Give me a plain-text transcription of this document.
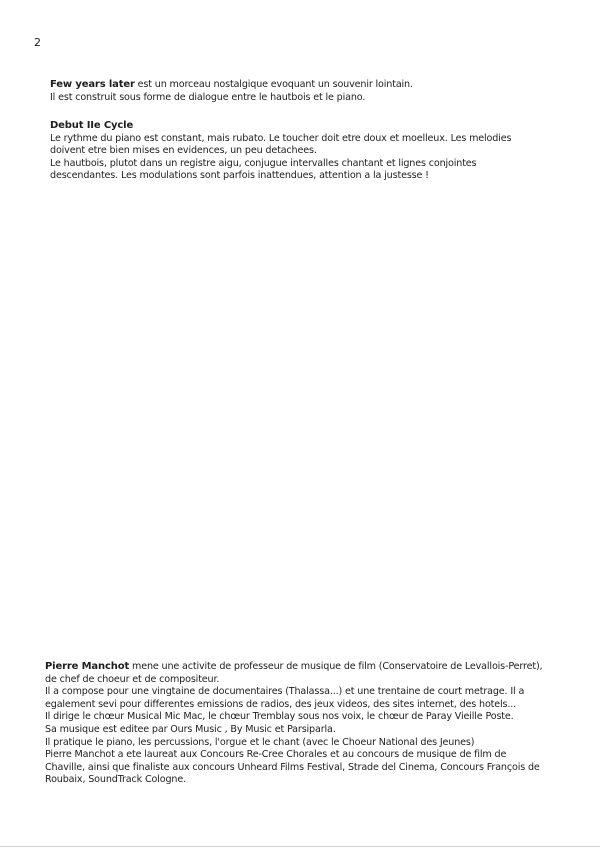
2

Few years later est un morceau nostalgique evoquant un souvenir lointain.

Il est construit sous forme de dialogue entre le hautbois et le piano.

Debut IIe Cycle

Le rythme du piano est constant, mais rubato. Le toucher doit etre doux et moelleux. Les melodies

doivent etre bien mises en evidences, un peu detachees.

Le hautbois, plutot dans un registre aigu, conjugue intervalles chantant et lignes conjointes

descendantes. Les modulations sont parfois inattendues, attention a la justesse !

Pierre Manchot mene une activite de professeur de musique de film (Conservatoire de Levallois-Perret),

de chef de choeur et de compositeur.

Il a compose pour une vingtaine de documentaires (Thalassa...) et une trentaine de court metrage. Il a

egalement sevi pour differentes emissions de radios, des jeux videos, des sites internet, des hotels...

Il dirige le chœur Musical Mic Mac, le chœur Tremblay sous nos voix, le chœur de Paray Vieille Poste.

Sa musique est editee par Ours Music , By Music et Parsiparla.

Il pratique le piano, les percussions, l'orgue et le chant (avec le Choeur National des Jeunes)

Pierre Manchot a ete laureat aux Concours Re-Cree Chorales et au concours de musique de film de

Chaville, ainsi que finaliste aux concours Unheard Films Festival, Strade del Cinema, Concours François de

Roubaix, SoundTrack Cologne.
